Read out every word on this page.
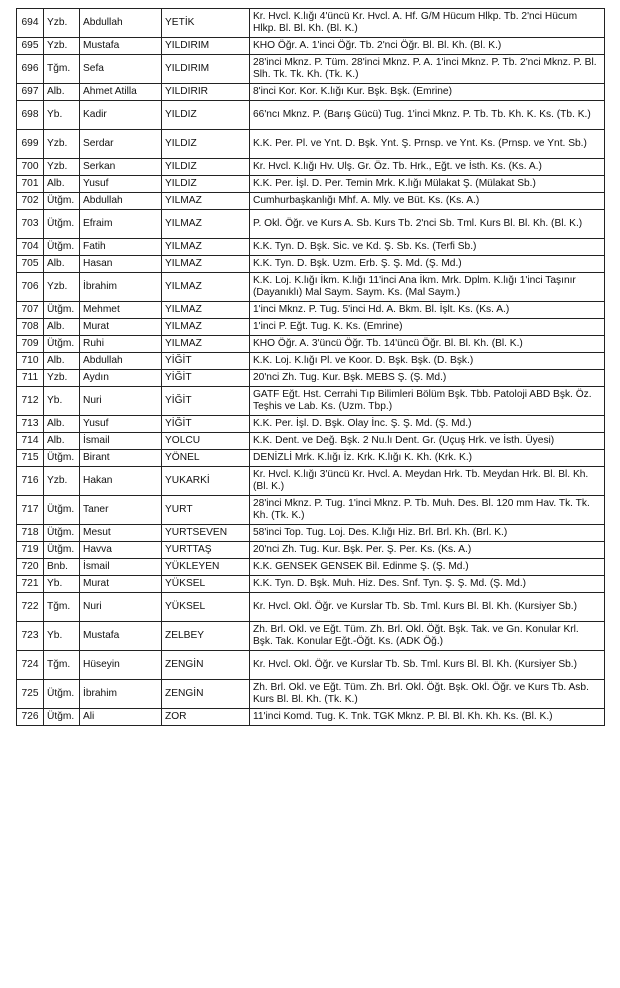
694	Yzb.	Abdullah	YETİK	Kr. Hvcl. K.lığı 4'üncü Kr. Hvcl. A. Hf. G/M Hücum Hlkp. Tb. 2'nci Hücum Hlkp. Bl. Bl. Kh. (Bl. K.)
695	Yzb.	Mustafa	YILDIRIM	KHO Öğr. A. 1'inci Öğr. Tb. 2'nci Öğr. Bl. Bl. Kh. (Bl. K.)
696	Tğm.	Sefa	YILDIRIM	28'inci Mknz. P. Tüm. 28'inci Mknz. P. A. 1'inci Mknz. P. Tb. 2'nci Mknz. P. Bl. Slh. Tk. Tk. Kh. (Tk. K.)
697	Alb.	Ahmet Atilla	YILDIRIR	8'inci Kor. Kor. K.lığı Kur. Bşk. Bşk. (Emrine)
698	Yb.	Kadir	YILDIZ	66'ncı Mknz. P. (Barış Gücü) Tug. 1'inci Mknz. P. Tb. Tb. Kh. K. Ks. (Tb. K.)
699	Yzb.	Serdar	YILDIZ	K.K. Per. Pl. ve Ynt. D. Bşk. Ynt. Ş. Prnsp. ve Ynt. Ks. (Prnsp. ve Ynt. Sb.)
700	Yzb.	Serkan	YILDIZ	Kr. Hvcl. K.lığı Hv. Ulş. Gr. Öz. Tb. Hrk., Eğt. ve İsth. Ks. (Ks. A.)
701	Alb.	Yusuf	YILDIZ	K.K. Per. İşl. D. Per. Temin Mrk. K.lığı Mülakat Ş. (Mülakat Sb.)
702	Ütğm.	Abdullah	YILMAZ	Cumhurbaşkanlığı Mhf. A. Mly. ve Büt. Ks. (Ks. A.)
703	Ütğm.	Efraim	YILMAZ	P. Okl. Öğr. ve Kurs A. Sb. Kurs Tb. 2'nci Sb. Tml. Kurs Bl. Bl. Kh. (Bl. K.)
704	Ütğm.	Fatih	YILMAZ	K.K. Tyn. D. Bşk. Sic. ve Kd. Ş. Sb. Ks. (Terfi Sb.)
705	Alb.	Hasan	YILMAZ	K.K. Tyn. D. Bşk. Uzm. Erb. Ş. Ş. Md. (Ş. Md.)
706	Yzb.	İbrahim	YILMAZ	K.K. Loj. K.lığı İkm. K.lığı 11'inci Ana İkm. Mrk. Dplm. K.lığı 1'inci Taşınır (Dayanıklı) Mal Saym. Saym. Ks. (Mal Saym.)
707	Ütğm.	Mehmet	YILMAZ	1'inci Mknz. P. Tug. 5'inci Hd. A. Bkm. Bl. İşlt. Ks. (Ks. A.)
708	Alb.	Murat	YILMAZ	1'inci P. Eğt. Tug. K. Ks. (Emrine)
709	Ütğm.	Ruhi	YILMAZ	KHO Öğr. A. 3'üncü Öğr. Tb. 14'üncü Öğr. Bl. Bl. Kh. (Bl. K.)
710	Alb.	Abdullah	YİĞİT	K.K. Loj. K.lığı Pl. ve Koor. D. Bşk. Bşk. (D. Bşk.)
711	Yzb.	Aydın	YİĞİT	20'nci Zh. Tug. Kur. Bşk. MEBS Ş. (Ş. Md.)
712	Yb.	Nuri	YİĞİT	GATF Eğt. Hst. Cerrahi Tıp Bilimleri Bölüm Bşk. Tbb. Patoloji ABD Bşk. Öz. Teşhis ve Lab. Ks. (Uzm. Tbp.)
713	Alb.	Yusuf	YİĞİT	K.K. Per. İşl. D. Bşk. Olay İnc. Ş. Ş. Md. (Ş. Md.)
714	Alb.	İsmail	YOLCU	K.K. Dent. ve Değ. Bşk. 2 Nu.lı Dent. Gr. (Uçuş Hrk. ve İsth. Üyesi)
715	Ütğm.	Birant	YÖNEL	DENİZLİ Mrk. K.lığı İz. Krk. K.lığı K. Kh. (Krk. K.)
716	Yzb.	Hakan	YUKARKİ	Kr. Hvcl. K.lığı 3'üncü Kr. Hvcl. A. Meydan Hrk. Tb. Meydan Hrk. Bl. Bl. Kh. (Bl. K.)
717	Ütğm.	Taner	YURT	28'inci Mknz. P. Tug. 1'inci Mknz. P. Tb. Muh. Des. Bl. 120 mm Hav. Tk. Tk. Kh. (Tk. K.)
718	Ütğm.	Mesut	YURTSEVEN	58'inci Top. Tug. Loj. Des. K.lığı Hiz. Brl. Brl. Kh. (Brl. K.)
719	Ütğm.	Havva	YURTTAŞ	20'nci Zh. Tug. Kur. Bşk. Per. Ş. Per. Ks. (Ks. A.)
720	Bnb.	İsmail	YÜKLEYEN	K.K. GENSEK GENSEK Bil. Edinme Ş. (Ş. Md.)
721	Yb.	Murat	YÜKSEL	K.K. Tyn. D. Bşk. Muh. Hiz. Des. Snf. Tyn. Ş. Ş. Md. (Ş. Md.)
722	Tğm.	Nuri	YÜKSEL	Kr. Hvcl. Okl. Öğr. ve Kurslar Tb. Sb. Tml. Kurs Bl. Bl. Kh. (Kursiyer Sb.)
723	Yb.	Mustafa	ZELBEY	Zh. Brl. Okl. ve Eğt. Tüm. Zh. Brl. Okl. Öğt. Bşk. Tak. ve Gn. Konular Krl. Bşk. Tak. Konular Eğt.-Öğt. Ks. (ADK Öğ.)
724	Tğm.	Hüseyin	ZENGİN	Kr. Hvcl. Okl. Öğr. ve Kurslar Tb. Sb. Tml. Kurs Bl. Bl. Kh. (Kursiyer Sb.)
725	Ütğm.	İbrahim	ZENGİN	Zh. Brl. Okl. ve Eğt. Tüm. Zh. Brl. Okl. Öğt. Bşk. Okl. Öğr. ve Kurs Tb. Asb. Kurs Bl. Bl. Kh. (Tk. K.)
726	Ütğm.	Ali	ZOR	11'inci Komd. Tug. K. Tnk. TGK Mknz. P. Bl. Bl. Kh. Kh. Ks. (Bl. K.)
